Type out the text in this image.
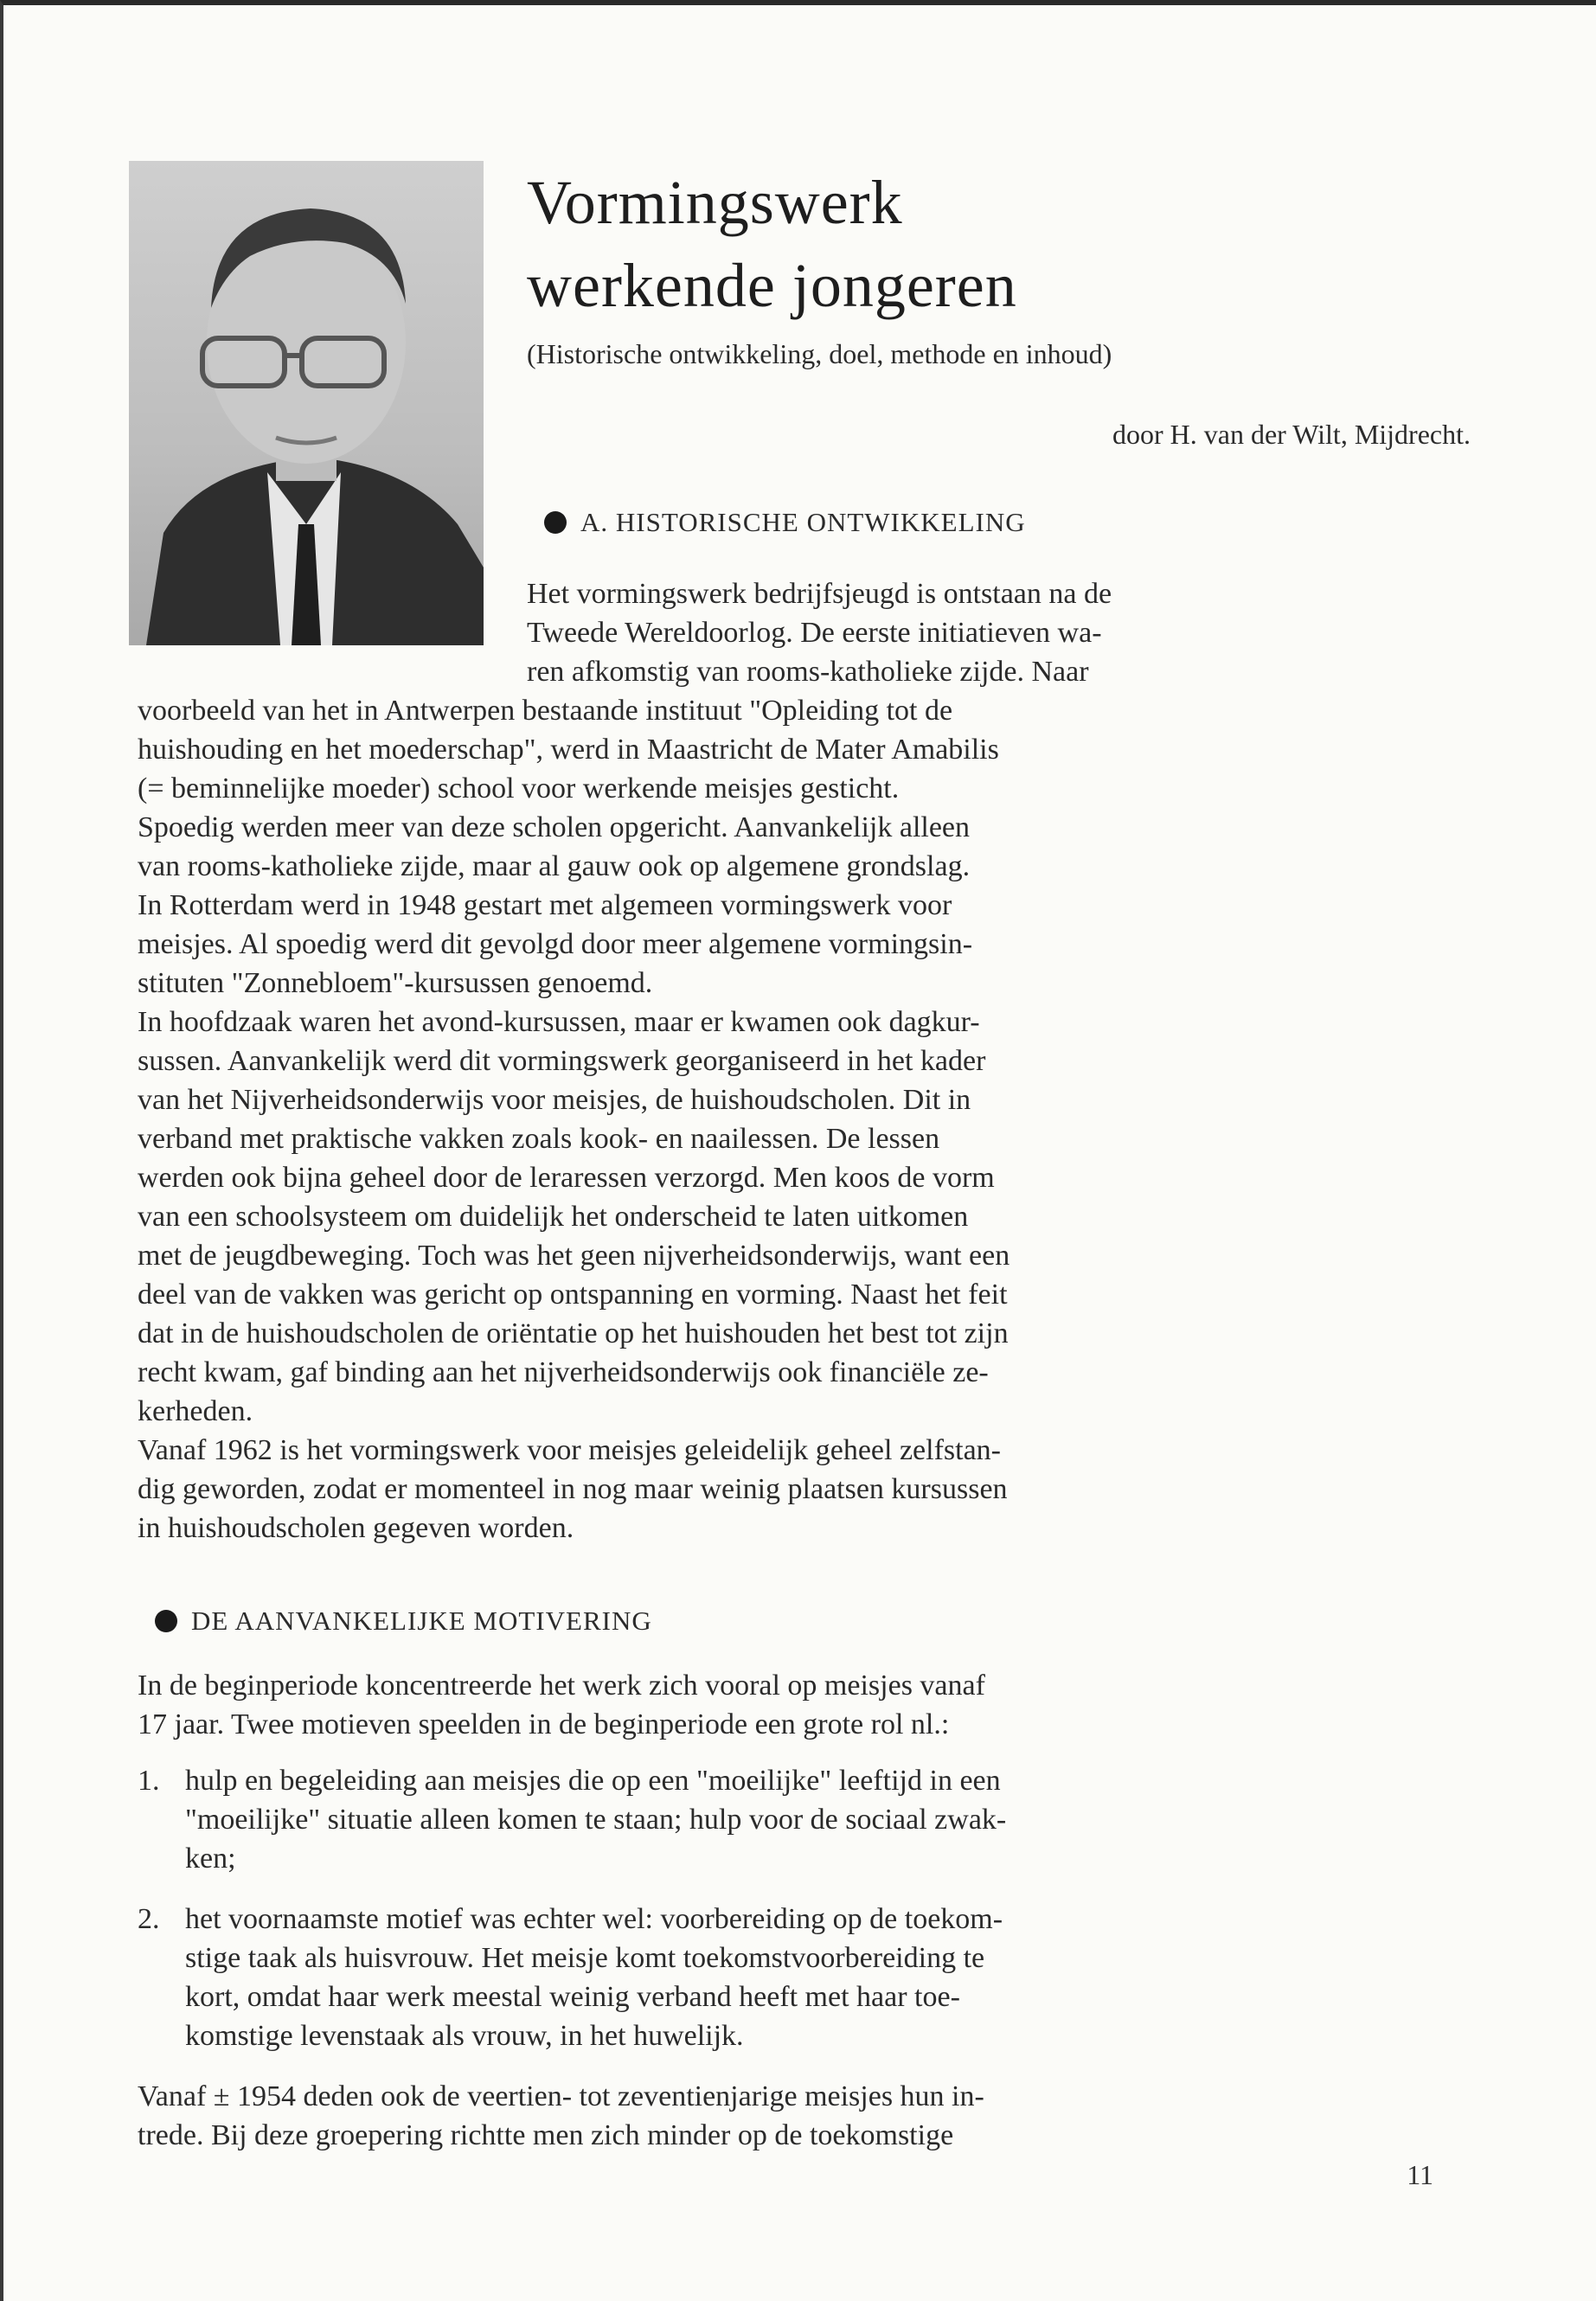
Vormingswerk
werkende jongeren
(Historische ontwikkeling, doel, methode en inhoud)
door H. van der Wilt, Mijdrecht.
A. HISTORISCHE ONTWIKKELING

Het vormingswerk bedrijfsjeugd is ontstaan na de
Tweede Wereldoorlog. De eerste initiatieven wa-
ren afkomstig van rooms-katholieke zijde. Naar

voorbeeld van het in Antwerpen bestaande instituut "Opleiding tot de
huishouding en het moederschap", werd in Maastricht de Mater Amabilis
(= beminnelijke moeder) school voor werkende meisjes gesticht.
Spoedig werden meer van deze scholen opgericht. Aanvankelijk alleen
van rooms-katholieke zijde, maar al gauw ook op algemene grondslag.
In Rotterdam werd in 1948 gestart met algemeen vormingswerk voor
meisjes. Al spoedig werd dit gevolgd door meer algemene vormingsin-
stituten "Zonnebloem"-kursussen genoemd.
In hoofdzaak waren het avond-kursussen, maar er kwamen ook dagkur-
sussen. Aanvankelijk werd dit vormingswerk georganiseerd in het kader
van het Nijverheidsonderwijs voor meisjes, de huishoudscholen. Dit in
verband met praktische vakken zoals kook- en naailessen. De lessen
werden ook bijna geheel door de leraressen verzorgd. Men koos de vorm
van een schoolsysteem om duidelijk het onderscheid te laten uitkomen
met de jeugdbeweging. Toch was het geen nijverheidsonderwijs, want een
deel van de vakken was gericht op ontspanning en vorming. Naast het feit
dat in de huishoudscholen de oriëntatie op het huishouden het best tot zijn
recht kwam, gaf binding aan het nijverheidsonderwijs ook financiële ze-
kerheden.
Vanaf 1962 is het vormingswerk voor meisjes geleidelijk geheel zelfstan-
dig geworden, zodat er momenteel in nog maar weinig plaatsen kursussen
in huishoudscholen gegeven worden.

DE AANVANKELIJKE MOTIVERING

In de beginperiode koncentreerde het werk zich vooral op meisjes vanaf
17 jaar. Twee motieven speelden in de beginperiode een grote rol nl.:

1. hulp en begeleiding aan meisjes die op een "moeilijke" leeftijd in een
"moeilijke" situatie alleen komen te staan; hulp voor de sociaal zwak-
ken;
2. het voornaamste motief was echter wel: voorbereiding op de toekom-
stige taak als huisvrouw. Het meisje komt toekomstvoorbereiding te
kort, omdat haar werk meestal weinig verband heeft met haar toe-
komstige levenstaak als vrouw, in het huwelijk.

Vanaf ± 1954 deden ook de veertien- tot zeventienjarige meisjes hun in-
trede. Bij deze groepering richtte men zich minder op de toekomstige

11
